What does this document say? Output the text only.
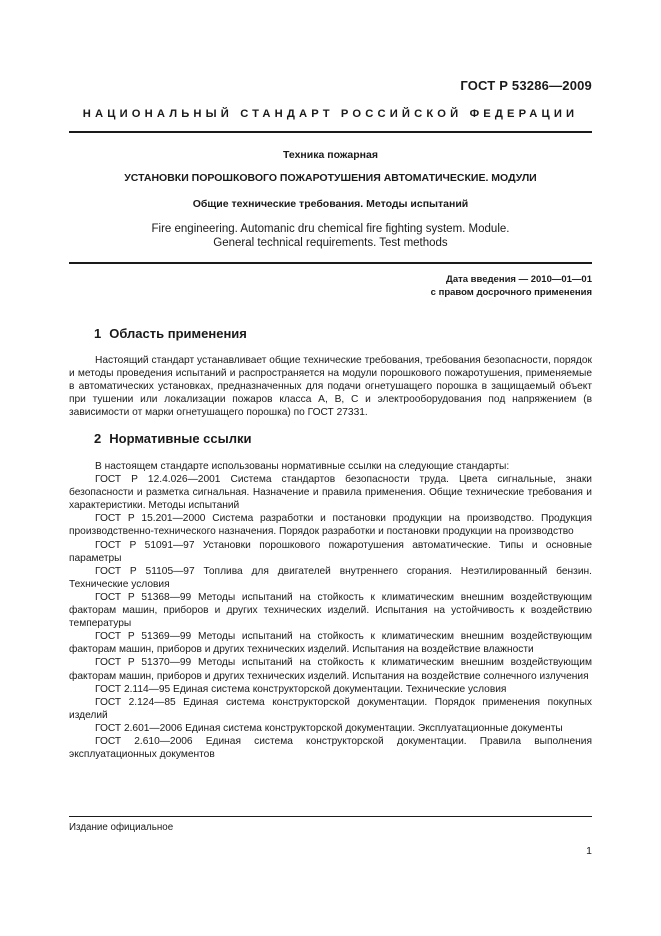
ГОСТ Р 53286—2009
НАЦИОНАЛЬНЫЙ СТАНДАРТ РОССИЙСКОЙ ФЕДЕРАЦИИ
Техника пожарная
УСТАНОВКИ ПОРОШКОВОГО ПОЖАРОТУШЕНИЯ АВТОМАТИЧЕСКИЕ. МОДУЛИ
Общие технические требования. Методы испытаний
Fire engineering. Automanic dru chemical fire fighting system. Module.
General technical requirements. Test methods
Дата введения — 2010—01—01
с правом досрочного применения
1 Область применения
Настоящий стандарт устанавливает общие технические требования, требования безопасности, порядок и методы проведения испытаний и распространяется на модули порошкового пожаротушения, применяемые в автоматических установках, предназначенных для подачи огнетушащего порошка в защищаемый объект при тушении или локализации пожаров класса А, В, С и электрооборудования под напряжением (в зависимости от марки огнетушащего порошка) по ГОСТ 27331.
2 Нормативные ссылки

В настоящем стандарте использованы нормативные ссылки на следующие стандарты:

ГОСТ Р 12.4.026—2001 Система стандартов безопасности труда. Цвета сигнальные, знаки безопасности и разметка сигнальная. Назначение и правила применения. Общие технические требования и характеристики. Методы испытаний

ГОСТ Р 15.201—2000 Система разработки и постановки продукции на производство. Продукция производственно-технического назначения. Порядок разработки и постановки продукции на производство

ГОСТ Р 51091—97 Установки порошкового пожаротушения автоматические. Типы и основные параметры

ГОСТ Р 51105—97 Топлива для двигателей внутреннего сгорания. Неэтилированный бензин. Технические условия

ГОСТ Р 51368—99 Методы испытаний на стойкость к климатическим внешним воздействующим факторам машин, приборов и других технических изделий. Испытания на устойчивость к воздействию температуры

ГОСТ Р 51369—99 Методы испытаний на стойкость к климатическим внешним воздействующим факторам машин, приборов и других технических изделий. Испытания на воздействие влажности

ГОСТ Р 51370—99 Методы испытаний на стойкость к климатическим внешним воздействующим факторам машин, приборов и других технических изделий. Испытания на воздействие солнечного излучения

ГОСТ 2.114—95 Единая система конструкторской документации. Технические условия

ГОСТ 2.124—85 Единая система конструкторской документации. Порядок применения покупных изделий

ГОСТ 2.601—2006 Единая система конструкторской документации. Эксплуатационные документы

ГОСТ 2.610—2006 Единая система конструкторской документации. Правила выполнения эксплуатационных документов

Издание официальное
1
